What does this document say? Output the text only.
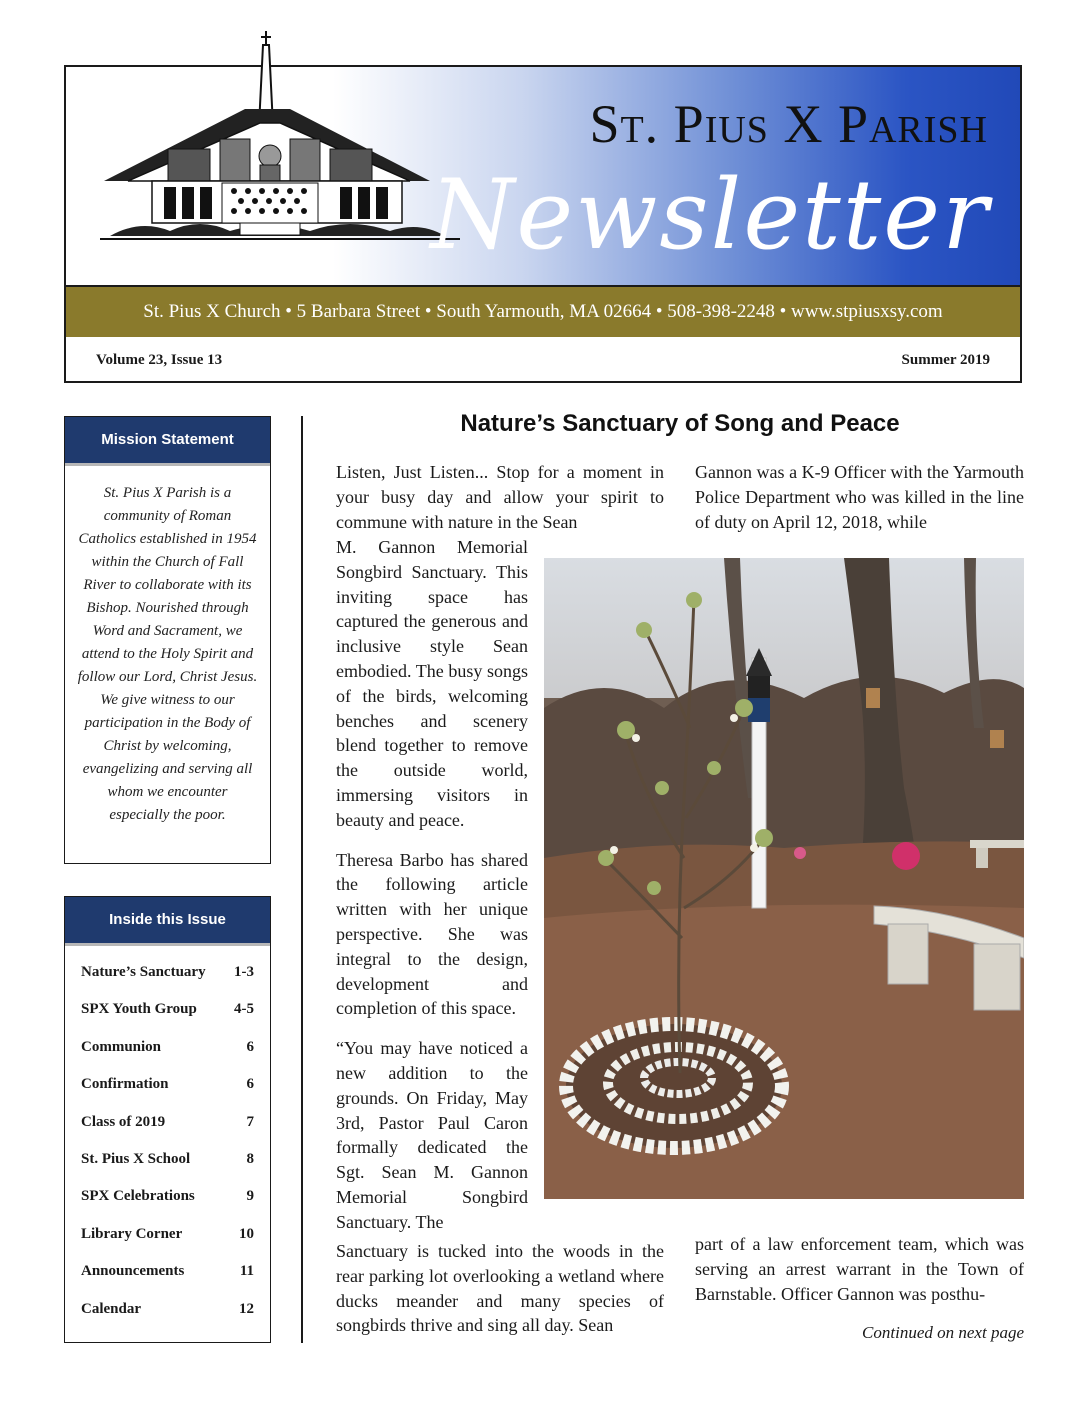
St. Pius X Parish
Newsletter
St. Pius X Church • 5 Barbara Street • South Yarmouth, MA 02664 • 508-398-2248 • www.stpiusxsy.com
Volume 23, Issue 13	Summer 2019
Mission Statement
St. Pius X Parish is a community of Roman Catholics established in 1954 within the Church of Fall River to collaborate with its Bishop. Nourished through Word and Sacrament, we attend to the Holy Spirit and follow our Lord, Christ Jesus. We give witness to our participation in the Body of Christ by welcoming, evangelizing and serving all whom we encounter especially the poor.
Inside this Issue
Nature’s Sanctuary 1-3
SPX Youth Group 4-5
Communion	6
Confirmation	6
Class of 2019	7
St. Pius X School	8
SPX Celebrations	9
Library Corner	10
Announcements	11
Calendar	12
Nature’s Sanctuary of Song and Peace
Listen, Just Listen... Stop for a moment in your busy day and allow your spirit to commune with nature in the Sean

M. Gannon Memorial Songbird Sanctuary. This inviting space has captured the generous and inclusive style Sean embodied. The busy songs of the birds, welcoming benches and scenery blend together to remove the outside world, immersing visitors in beauty and peace.

Theresa Barbo has shared the following article written with her unique perspective. She was integral to the design, development and completion of this space.

“You may have noticed a new addition to the grounds. On Friday, May 3rd, Pastor Paul Caron formally dedicated the Sgt. Sean M. Gannon Memorial Songbird Sanctuary. The

Sanctuary is tucked into the woods in the rear parking lot overlooking a wetland where ducks meander and many species of songbirds thrive and sing all day. Sean
Gannon was a K-9 Officer with the Yarmouth Police Department who was killed in the line of duty on April 12, 2018, while
part of a law enforcement team, which was serving an arrest warrant in the Town of Barnstable. Officer Gannon was posthu-
Continued on next page
